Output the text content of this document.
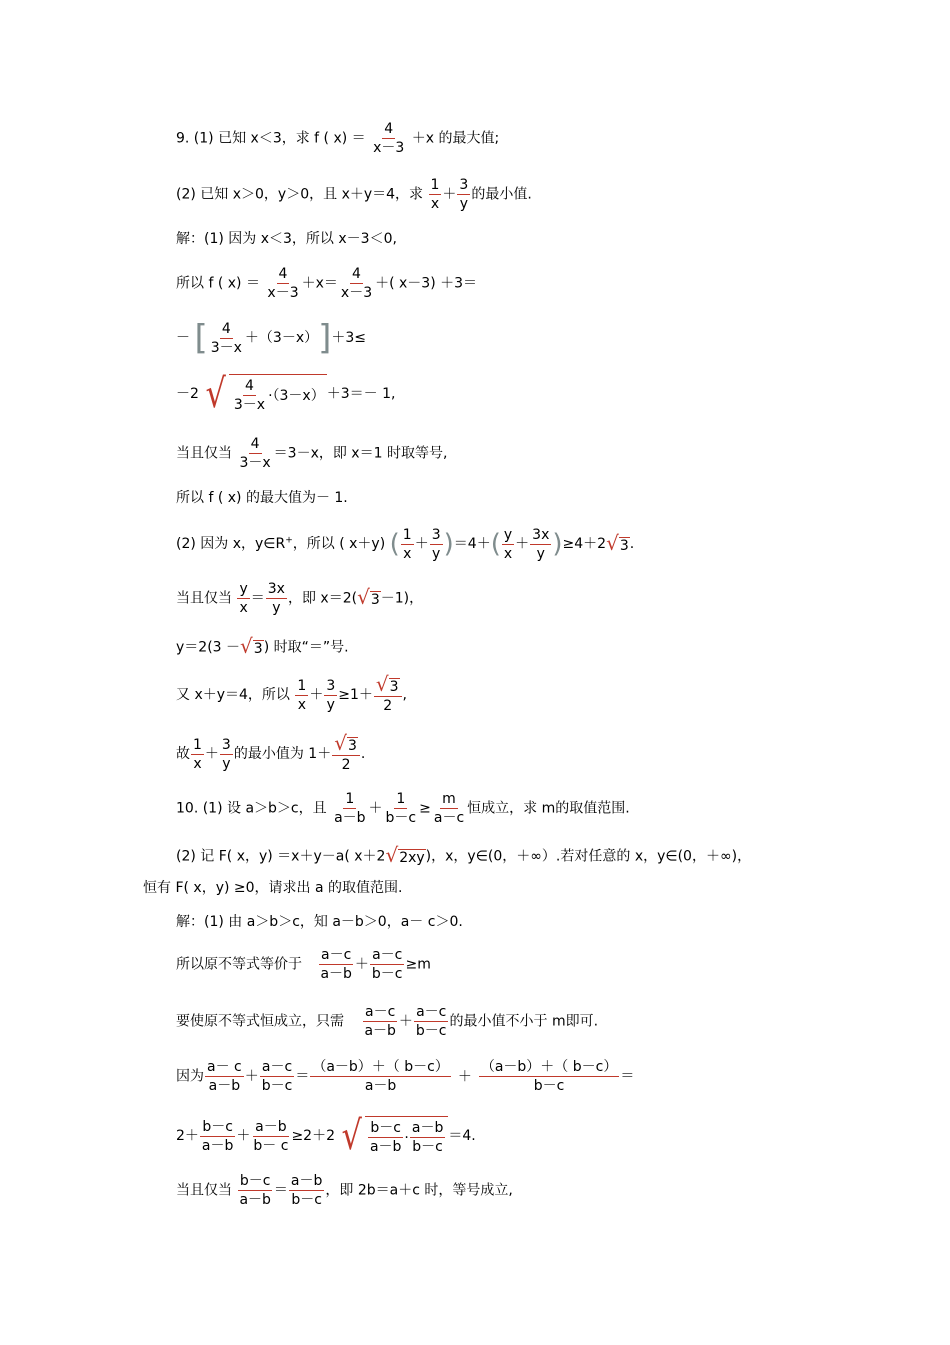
9. (1) 已知 x＜3，求 f ( $x) = \frac{4}{x-3} +x$ 的最大值;
(2) 已知 x＞0，y＞0，且 x＋y＝4，求 $\frac{1}{x} + \frac{3}{y}$ 的最小值.
解：(1) 因为 x＜3，所以 x－3＜0,
所以 f ( $x) = \frac{4}{x-3} +x= \frac{4}{x-3}$ ＋( x－3) ＋3＝
－ [ $\frac{4}{3-x} +(3-x)]+3\le$
－2 √ $\frac{4}{3-x} \cdot(3-x) +3=- 1$,
当且仅当 $\frac{4}{3-x} =3-x$，即 x＝1 时取等号,
所以 f ( x) 的最大值为－ 1.
(2) 因为 x，y∈R+，所以 ( x＋y) ( $\frac{1}{x} + \frac{3}{y} )=4+( \frac{y}{x} + \frac{3x}{y} )\ge 4+2√3$.
当且仅当 $\frac{y}{x} = \frac{3x}{y}$ ，即 x＝2(√3－1)，
y＝2(3 －√3) 时取“＝”号.
又 x＋y＝4，所以 $\frac{1}{x} + \frac{3}{y} \ge 1+ \frac{√3}{2}$ ,
故 $\frac{1}{x} + \frac{3}{y}$ 的最小值为 $1+ \frac{√3}{2}$ .
10. (1) 设 a＞b＞c，且 $\frac{1}{a-b} + \frac{1}{b-c} \ge \frac{m}{a-c}$ 恒成立，求 m的取值范围.
(2) 记 F( x，y) ＝x＋y－a( x＋2√2xy)，x，y∈(0，＋∞）.若对任意的 x，y∈(0，＋∞)，
恒有 F( x，y) ≥0，请求出 a 的取值范围.
解：(1) 由 a＞b＞c，知 a－b＞0，a－ c＞0.
所以原不等式等价于 $\frac{a-c}{a-b} + \frac{a-c}{b-c} \ge m$
要使原不等式恒成立，只需 $\frac{a-c}{a-b} + \frac{a-c}{b-c}$ 的最小值不小于 m即可.
因为 $\frac{a- c}{a-b} + \frac{a-c}{b-c} = \frac{(a-b)+( b-c)}{a-b} + \frac{(a-b)+( b-c)}{b-c}$ ＝
$2+ \frac{b-c}{a-b} + \frac{a-b}{b- c} \ge 2+2$ √ $\frac{b-c}{a-b} \cdot \frac{a-b}{b-c} =4$.
当且仅当 $\frac{b-c}{a-b} = \frac{a-b}{b-c}$ ，即 2b＝a＋c 时，等号成立,
